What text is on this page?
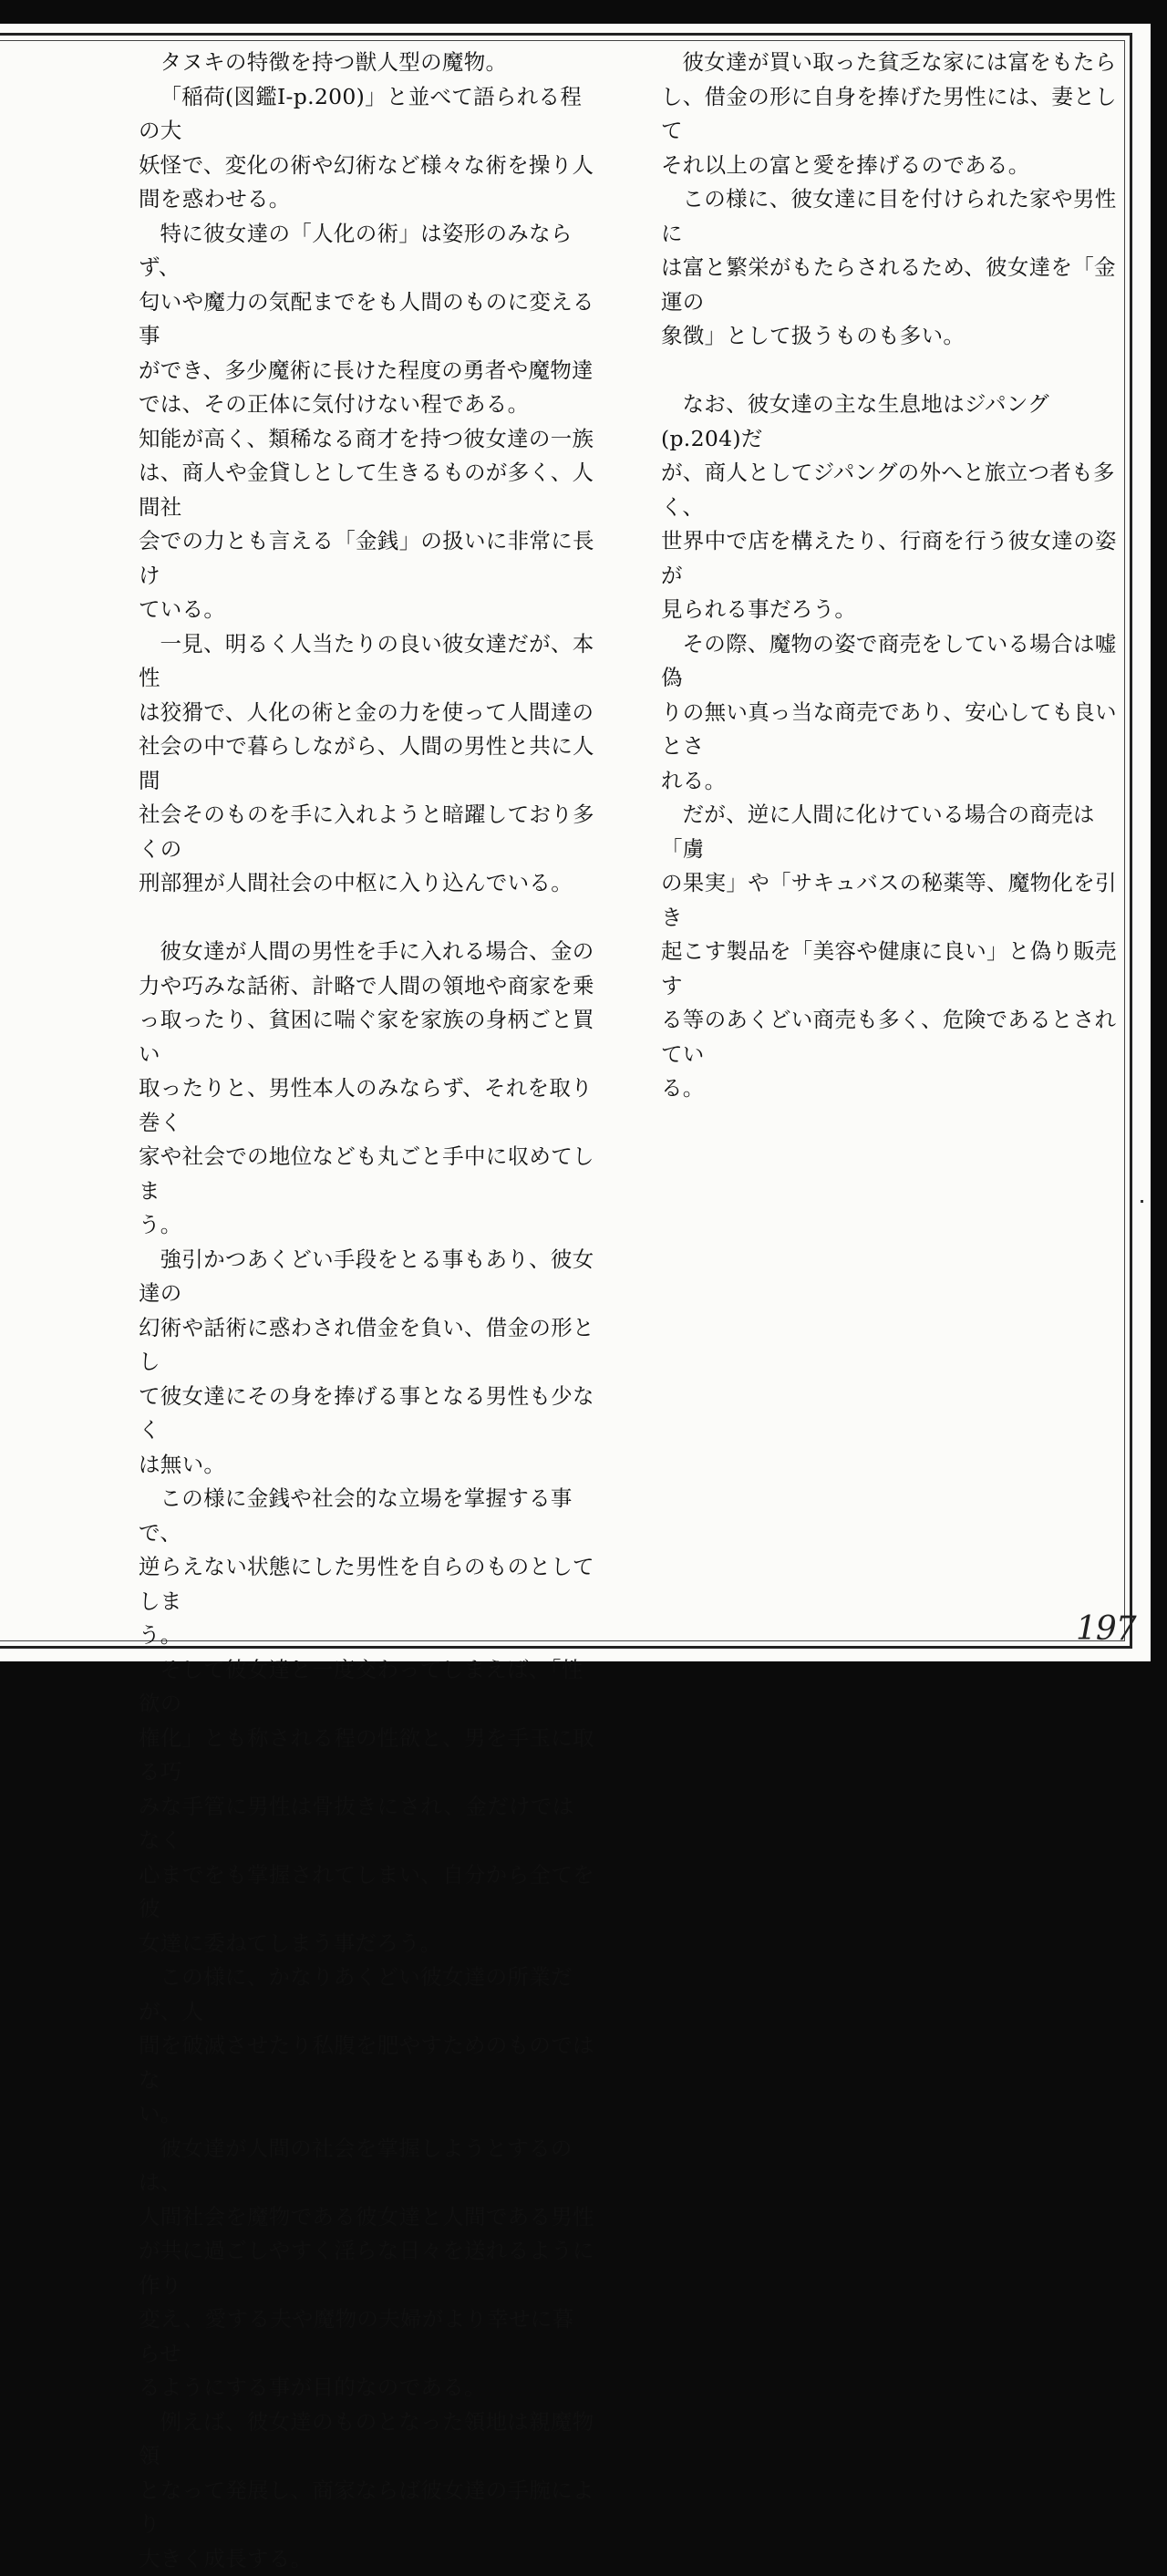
タヌキの特徴を持つ獣人型の魔物。
「稲荷(図鑑Ⅰ-p.200)」と並べて語られる程の大
妖怪で、変化の術や幻術など様々な術を操り人
間を惑わせる。
特に彼女達の「人化の術」は姿形のみならず、
匂いや魔力の気配までをも人間のものに変える事
ができ、多少魔術に長けた程度の勇者や魔物達
では、その正体に気付けない程である。
知能が高く、類稀なる商才を持つ彼女達の一族
は、商人や金貸しとして生きるものが多く、人間社
会での力とも言える「金銭」の扱いに非常に長け
ている。
一見、明るく人当たりの良い彼女達だが、本性
は狡猾で、人化の術と金の力を使って人間達の
社会の中で暮らしながら、人間の男性と共に人間
社会そのものを手に入れようと暗躍しており多くの
刑部狸が人間社会の中枢に入り込んでいる。
彼女達が人間の男性を手に入れる場合、金の
力や巧みな話術、計略で人間の領地や商家を乗
っ取ったり、貧困に喘ぐ家を家族の身柄ごと買い
取ったりと、男性本人のみならず、それを取り巻く
家や社会での地位なども丸ごと手中に収めてしま
う。
強引かつあくどい手段をとる事もあり、彼女達の
幻術や話術に惑わされ借金を負い、借金の形とし
て彼女達にその身を捧げる事となる男性も少なく
は無い。
この様に金銭や社会的な立場を掌握する事で、
逆らえない状態にした男性を自らのものとしてしま
う。
そして彼女達と一度交わってしまえば、「性欲の
権化」とも称される程の性欲と、男を手玉に取る巧
みな手管に男性は骨抜きにされ、金だけではなく
心までをも掌握されてしまい、自分から全てを彼
女達に委ねてしまう事だろう。
この様に、かなりあくどい彼女達の所業だが、人
間を破滅させたり私腹を肥やすためのものではな
い。
彼女達が人間の社会を掌握しようとするのは、
人間社会を魔物である彼女達と人間である男性
が共に過ごしやすく淫らな日々を送れるように作り
変え、愛する夫や魔物の夫婦がより幸せに暮らせ
るようにする事が目的なのである。
例えば、彼女達のものとなった領地は親魔物領
となって発展し、商家ならば彼女達の手腕により
大きく成長する。
彼女達が買い取った貧乏な家には富をもたら
し、借金の形に自身を捧げた男性には、妻として
それ以上の富と愛を捧げるのである。
この様に、彼女達に目を付けられた家や男性に
は富と繁栄がもたらされるため、彼女達を「金運の
象徴」として扱うものも多い。
なお、彼女達の主な生息地はジパング(p.204)だ
が、商人としてジパングの外へと旅立つ者も多く、
世界中で店を構えたり、行商を行う彼女達の姿が
見られる事だろう。
その際、魔物の姿で商売をしている場合は嘘偽
りの無い真っ当な商売であり、安心しても良いとさ
れる。
だが、逆に人間に化けている場合の商売は「虜
の果実」や「サキュバスの秘薬等、魔物化を引き
起こす製品を「美容や健康に良い」と偽り販売す
る等のあくどい商売も多く、危険であるとされてい
る。
197
